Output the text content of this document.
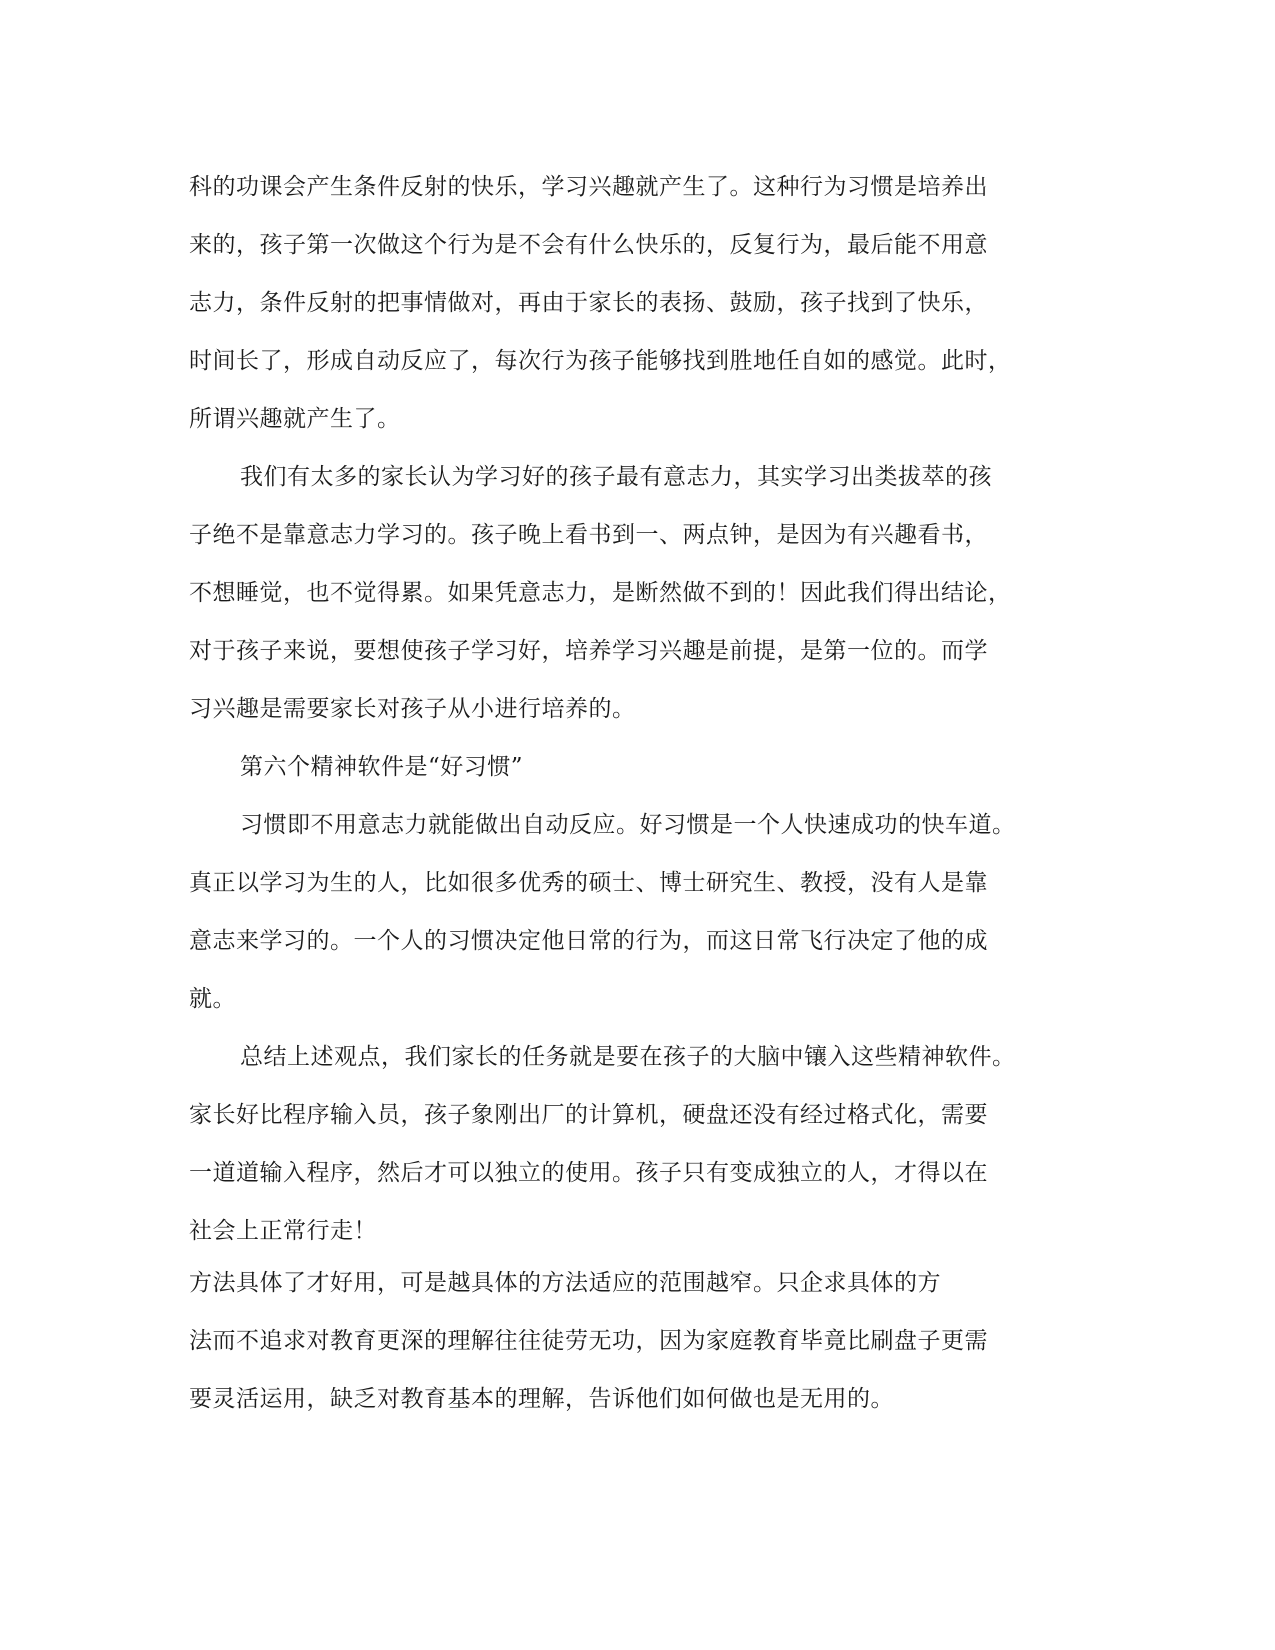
科的功课会产生条件反射的快乐，学习兴趣就产生了。这种行为习惯是培养出
来的，孩子第一次做这个行为是不会有什么快乐的，反复行为，最后能不用意
志力，条件反射的把事情做对，再由于家长的表扬、鼓励，孩子找到了快乐，
时间长了，形成自动反应了，每次行为孩子能够找到胜地任自如的感觉。此时，
所谓兴趣就产生了。
我们有太多的家长认为学习好的孩子最有意志力，其实学习出类拔萃的孩
子绝不是靠意志力学习的。孩子晚上看书到一、两点钟，是因为有兴趣看书，
不想睡觉，也不觉得累。如果凭意志力，是断然做不到的！因此我们得出结论，
对于孩子来说，要想使孩子学习好，培养学习兴趣是前提，是第一位的。而学
习兴趣是需要家长对孩子从小进行培养的。
第六个精神软件是“好习惯”
习惯即不用意志力就能做出自动反应。好习惯是一个人快速成功的快车道。
真正以学习为生的人，比如很多优秀的硕士、博士研究生、教授，没有人是靠
意志来学习的。一个人的习惯决定他日常的行为，而这日常飞行决定了他的成
就。
总结上述观点，我们家长的任务就是要在孩子的大脑中镶入这些精神软件。
家长好比程序输入员，孩子象刚出厂的计算机，硬盘还没有经过格式化，需要
一道道输入程序，然后才可以独立的使用。孩子只有变成独立的人，才得以在
社会上正常行走！
方法具体了才好用，可是越具体的方法适应的范围越窄。只企求具体的方
法而不追求对教育更深的理解往往徒劳无功，因为家庭教育毕竟比刷盘子更需
要灵活运用，缺乏对教育基本的理解，告诉他们如何做也是无用的。
